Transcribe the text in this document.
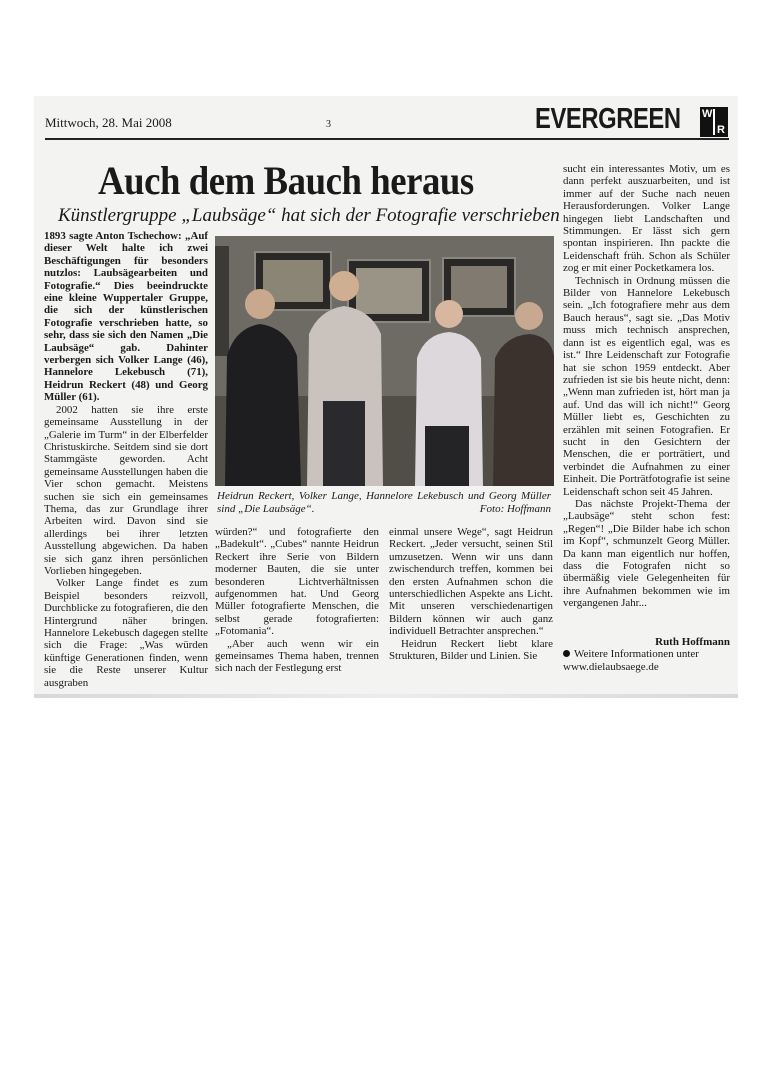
Mittwoch, 28. Mai 2008	3	EVERGREEN W
R
Auch dem Bauch heraus
Künstlergruppe „Laubsäge“ hat sich der Fotografie verschrieben

1893 sagte Anton Tschechow: „Auf dieser Welt halte ich zwei Beschäftigungen für besonders nutzlos: Laubsägearbeiten und Fotografie.“ Dies beeindruckte eine kleine Wuppertaler Gruppe, die sich der künstlerischen Fotografie verschrieben hatte, so sehr, dass sie sich den Namen „Die Laubsäge“ gab. Dahinter verbergen sich Volker Lange (46), Hannelore Lekebusch (71), Heidrun Reckert (48) und Georg Müller (61).

2002 hatten sie ihre erste gemeinsame Ausstellung in der „Galerie im Turm“ in der Elberfelder Christuskirche. Seitdem sind sie dort Stammgäste geworden. Acht gemeinsame Ausstellungen haben die Vier schon gemacht. Meistens suchen sie sich ein gemeinsames Thema, das zur Grundlage ihrer Arbeiten wird. Davon sind sie allerdings bei ihrer letzten Ausstellung abgewichen. Da haben sie sich ganz ihren persönlichen Vorlieben hingegeben.

Volker Lange findet es zum Beispiel besonders reizvoll, Durchblicke zu fotografieren, die den Hintergrund näher bringen. Hannelore Lekebusch dagegen stellte sich die Frage: „Was würden künftige Generationen finden, wenn sie die Reste unserer Kultur ausgraben

Heidrun Reckert, Volker Lange, Hannelore Lekebusch und Georg Müller sind „Die Laubsäge“.	Foto: Hoffmann

würden?“ und fotografierte den „Badekult“. „Cubes“ nannte Heidrun Reckert ihre Serie von Bildern moderner Bauten, die sie unter besonderen Lichtverhältnissen aufgenommen hat. Und Georg Müller fotografierte Menschen, die selbst gerade fotografierten: „Fotomania“.

„Aber auch wenn wir ein gemeinsames Thema haben, trennen sich nach der Festlegung erst

einmal unsere Wege“, sagt Heidrun Reckert. „Jeder versucht, seinen Stil umzusetzen. Wenn wir uns dann zwischendurch treffen, kommen bei den ersten Aufnahmen schon die unterschiedlichen Aspekte ans Licht. Mit unseren verschiedenartigen Bildern können wir auch ganz individuell Betrachter ansprechen.“

Heidrun Reckert liebt klare Strukturen, Bilder und Linien. Sie

sucht ein interessantes Motiv, um es dann perfekt auszuarbeiten, und ist immer auf der Suche nach neuen Herausforderungen. Volker Lange hingegen liebt Landschaften und Stimmungen. Er lässt sich gern spontan inspirieren. Ihn packte die Leidenschaft früh. Schon als Schüler zog er mit einer Pocketkamera los.

Technisch in Ordnung müssen die Bilder von Hannelore Lekebusch sein. „Ich fotografiere mehr aus dem Bauch heraus“, sagt sie. „Das Motiv muss mich technisch ansprechen, dann ist es eigentlich egal, was es ist.“ Ihre Leidenschaft zur Fotografie hat sie schon 1959 entdeckt. Aber zufrieden ist sie bis heute nicht, denn: „Wenn man zufrieden ist, hört man ja auf. Und das will ich nicht!“ Georg Müller liebt es, Geschichten zu erzählen mit seinen Fotografien. Er sucht in den Gesichtern der Menschen, die er porträtiert, und verbindet die Aufnahmen zu einer Einheit. Die Porträtfotografie ist seine Leidenschaft schon seit 45 Jahren.

Das nächste Projekt-Thema der „Laubsäge“ steht schon fest: „Regen“! „Die Bilder habe ich schon im Kopf“, schmunzelt Georg Müller. Da kann man eigentlich nur hoffen, dass die Fotografen nicht so übermäßig viele Gelegenheiten für ihre Aufnahmen bekommen wie im vergangenen Jahr...

Ruth Hoffmann
Weitere Informationen unter www.dielaubsaege.de
